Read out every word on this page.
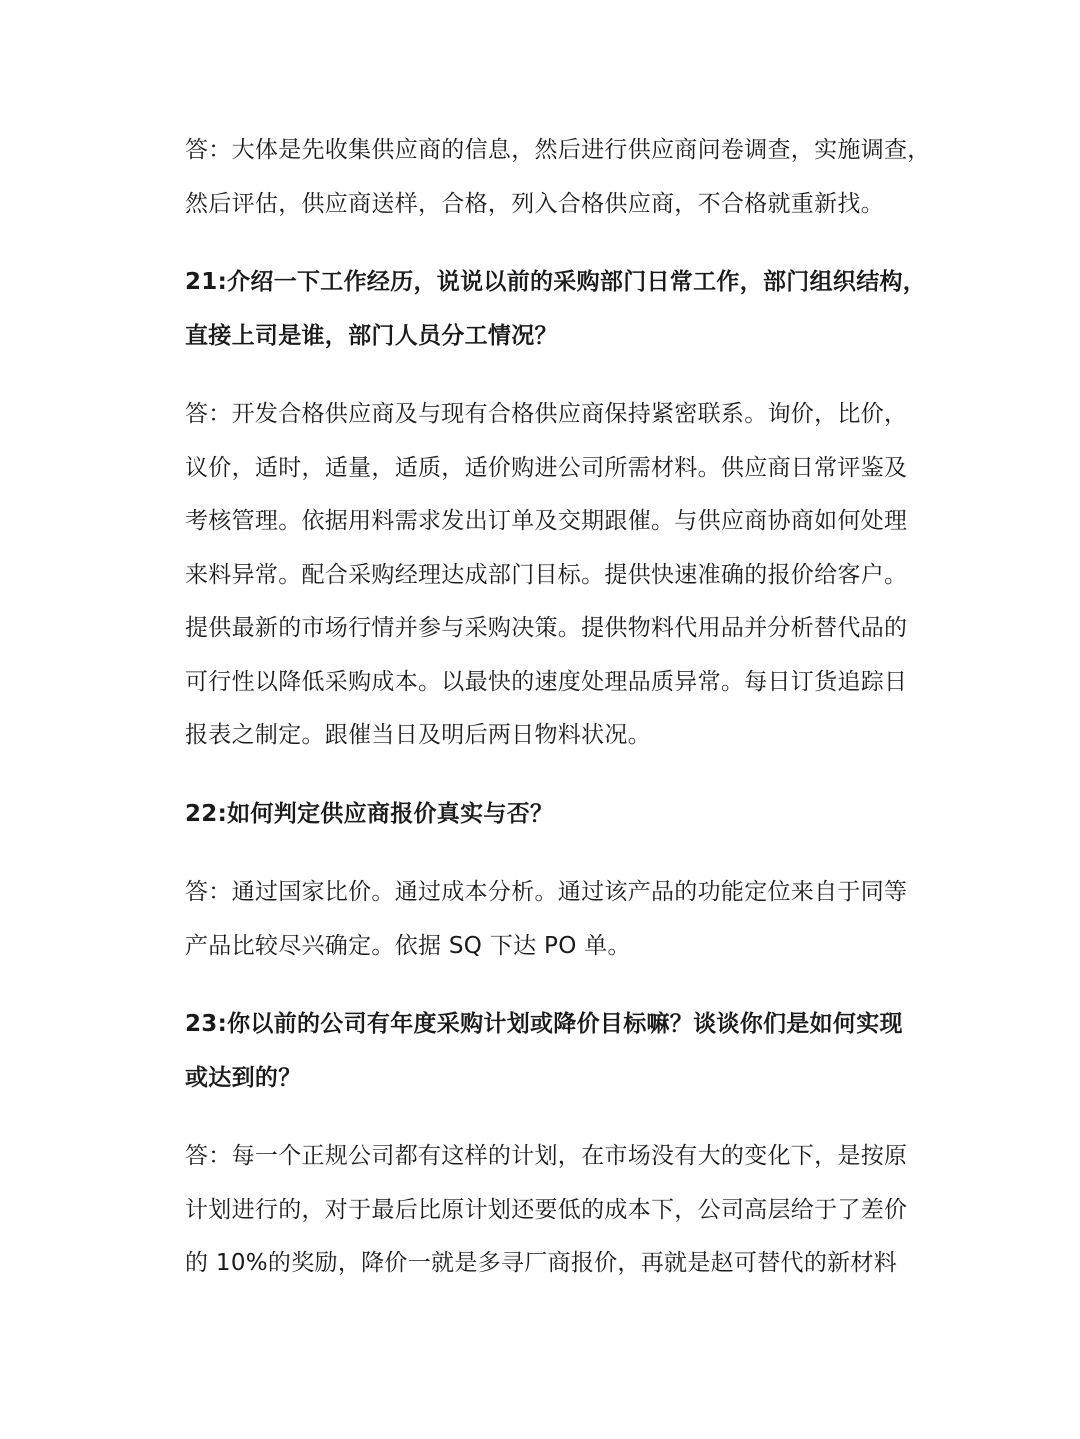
答：大体是先收集供应商的信息，然后进行供应商问卷调查，实施调查，
然后评估，供应商送样，合格，列入合格供应商，不合格就重新找。
21:介绍一下工作经历，说说以前的采购部门日常工作，部门组织结构，
直接上司是谁，部门人员分工情况？
答：开发合格供应商及与现有合格供应商保持紧密联系。询价，比价，
议价，适时，适量，适质，适价购进公司所需材料。供应商日常评鉴及
考核管理。依据用料需求发出订单及交期跟催。与供应商协商如何处理
来料异常。配合采购经理达成部门目标。提供快速准确的报价给客户。
提供最新的市场行情并参与采购决策。提供物料代用品并分析替代品的
可行性以降低采购成本。以最快的速度处理品质异常。每日订货追踪日
报表之制定。跟催当日及明后两日物料状况。
22:如何判定供应商报价真实与否？
答：通过国家比价。通过成本分析。通过该产品的功能定位来自于同等
产品比较尽兴确定。依据 SQ 下达 PO 单。
23:你以前的公司有年度采购计划或降价目标嘛？谈谈你们是如何实现
或达到的？
答：每一个正规公司都有这样的计划，在市场没有大的变化下，是按原
计划进行的，对于最后比原计划还要低的成本下，公司高层给于了差价
的 10%的奖励，降价一就是多寻厂商报价，再就是赵可替代的新材料
